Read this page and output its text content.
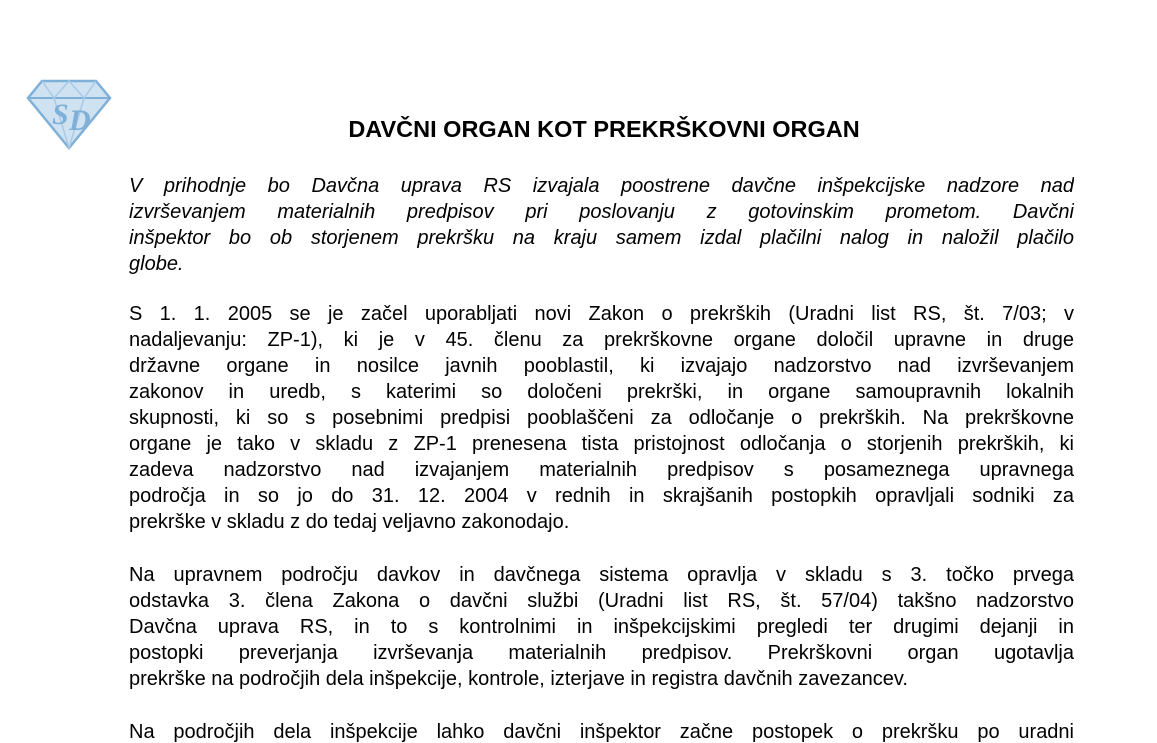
S D	DAVČNI ORGAN KOT PREKRŠKOVNI ORGAN
V prihodnje bo Davčna uprava RS izvajala poostrene davčne inšpekcijske nadzore nad
izvrševanjem materialnih predpisov pri poslovanju z gotovinskim prometom. Davčni
inšpektor bo ob storjenem prekršku na kraju samem izdal plačilni nalog in naložil plačilo
globe.
S 1. 1. 2005 se je začel uporabljati novi Zakon o prekrških (Uradni list RS, št. 7/03; v
nadaljevanju: ZP-1), ki je v 45. členu za prekrškovne organe določil upravne in druge
državne organe in nosilce javnih pooblastil, ki izvajajo nadzorstvo nad izvrševanjem
zakonov in uredb, s katerimi so določeni prekrški, in organe samoupravnih lokalnih
skupnosti, ki so s posebnimi predpisi pooblaščeni za odločanje o prekrških. Na prekrškovne
organe je tako v skladu z ZP-1 prenesena tista pristojnost odločanja o storjenih prekrških, ki
zadeva nadzorstvo nad izvajanjem materialnih predpisov s posameznega upravnega
področja in so jo do 31. 12. 2004 v rednih in skrajšanih postopkih opravljali sodniki za
prekrške v skladu z do tedaj veljavno zakonodajo.
Na upravnem področju davkov in davčnega sistema opravlja v skladu s 3. točko prvega
odstavka 3. člena Zakona o davčni službi (Uradni list RS, št. 57/04) takšno nadzorstvo
Davčna uprava RS, in to s kontrolnimi in inšpekcijskimi pregledi ter drugimi dejanji in
postopki preverjanja izvrševanja materialnih predpisov. Prekrškovni organ ugotavlja
prekrške na področjih dela inšpekcije, kontrole, izterjave in registra davčnih zavezancev.
Na področjih dela inšpekcije lahko davčni inšpektor začne postopek o prekršku po uradni
